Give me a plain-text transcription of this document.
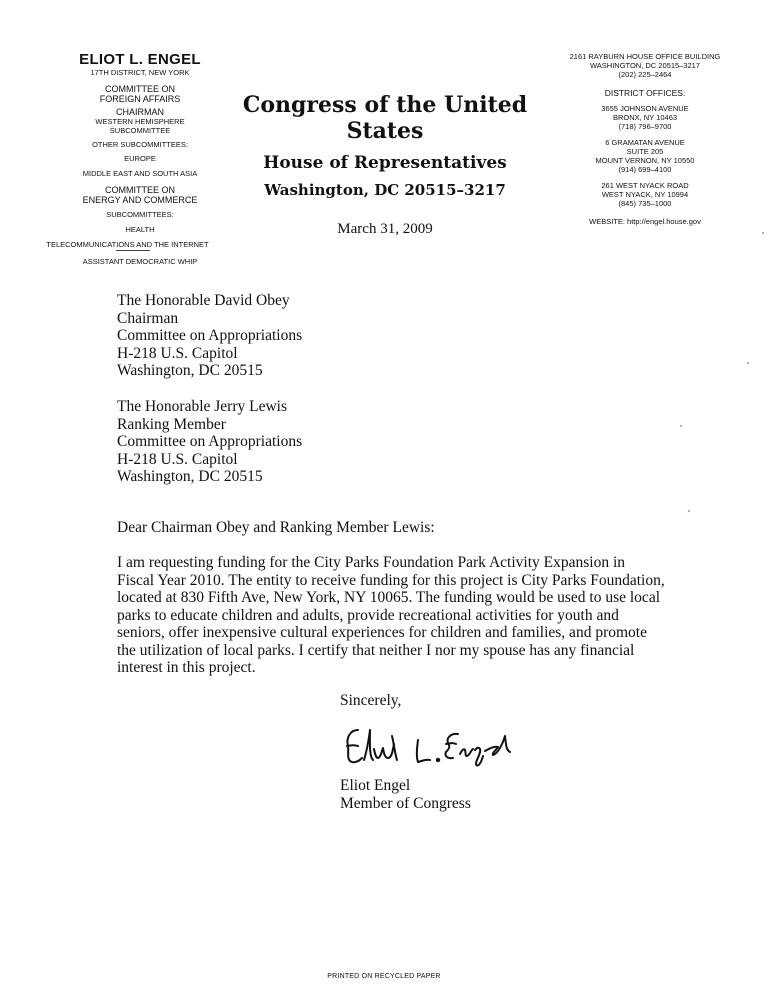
ELIOT L. ENGEL

17TH DISTRICT, NEW YORK

COMMITTEE ON

FOREIGN AFFAIRS

CHAIRMAN

WESTERN HEMISPHERE

SUBCOMMITTEE

OTHER SUBCOMMITTEES:

EUROPE

MIDDLE EAST AND SOUTH ASIA

COMMITTEE ON

ENERGY AND COMMERCE

SUBCOMMITTEES:

HEALTH

TELECOMMUNICATIONS AND THE INTERNET

ASSISTANT DEMOCRATIC WHIP

Congress of the United States

House of Representatives

Washington, DC 20515–3217

March 31, 2009

2161 RAYBURN HOUSE OFFICE BUILDING

WASHINGTON, DC 20515–3217

(202) 225–2464

DISTRICT OFFICES:

3655 JOHNSON AVENUE

BRONX, NY 10463

(718) 796–9700

6 GRAMATAN AVENUE

SUITE 205

MOUNT VERNON, NY 10550

(914) 699–4100

261 WEST NYACK ROAD

WEST NYACK, NY 10994

(845) 735–1000

WEBSITE: http://engel.house.gov

The Honorable David Obey

Chairman

Committee on Appropriations

H-218 U.S. Capitol

Washington, DC 20515

The Honorable Jerry Lewis

Ranking Member

Committee on Appropriations

H-218 U.S. Capitol

Washington, DC 20515

Dear Chairman Obey and Ranking Member Lewis:

I am requesting funding for the City Parks Foundation Park Activity Expansion in Fiscal Year 2010. The entity to receive funding for this project is City Parks Foundation, located at 830 Fifth Ave, New York, NY 10065. The funding would be used to use local parks to educate children and adults, provide recreational activities for youth and seniors, offer inexpensive cultural experiences for children and families, and promote the utilization of local parks. I certify that neither I nor my spouse has any financial interest in this project.

Sincerely,

Eliot Engel

Member of Congress

PRINTED ON RECYCLED PAPER
